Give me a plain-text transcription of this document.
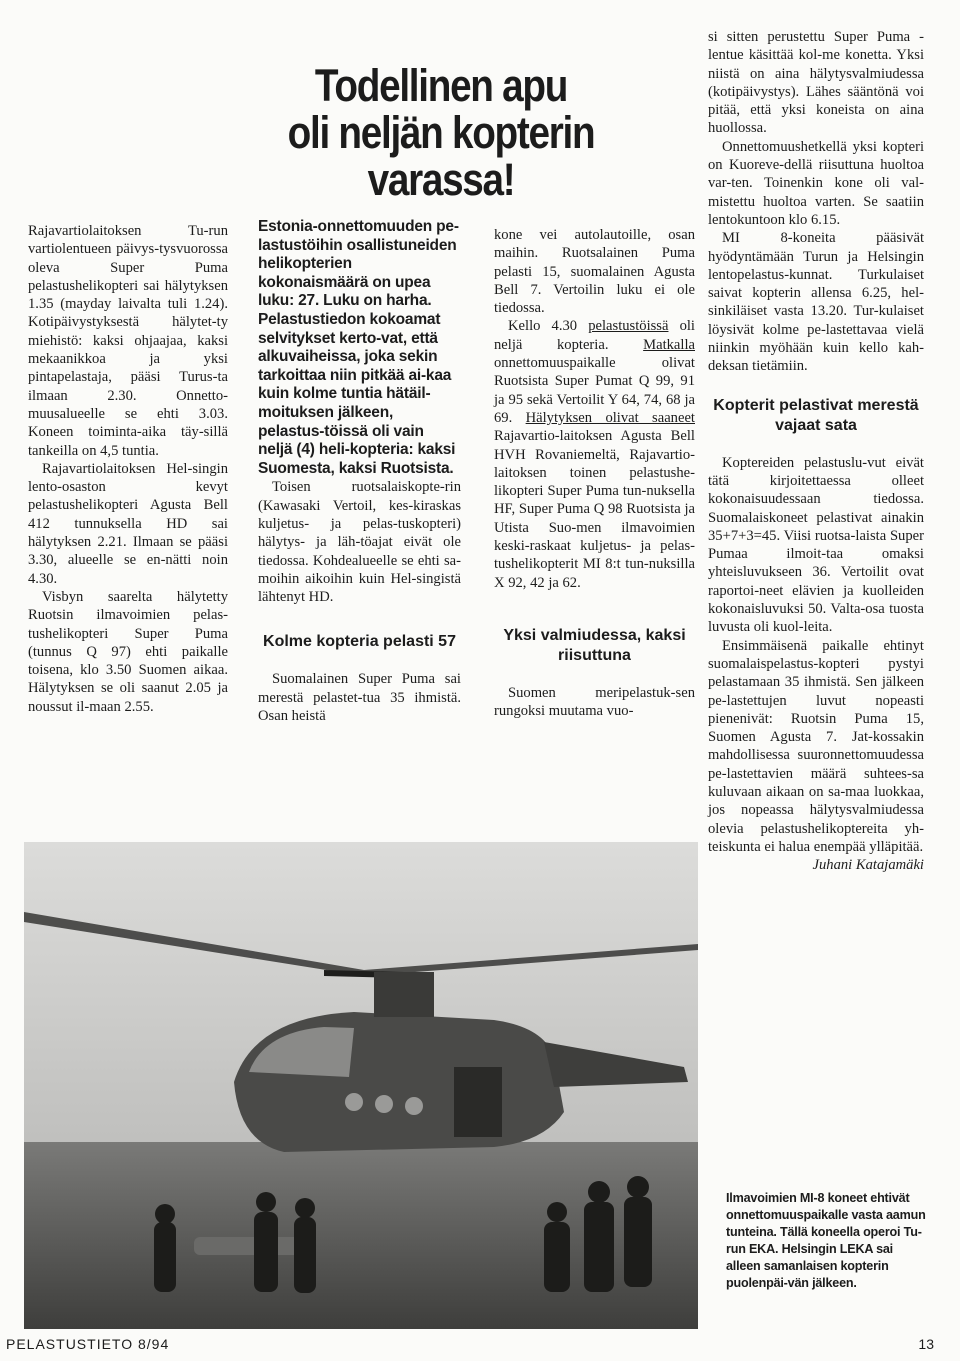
Todellinen apu
oli neljän kopterin varassa!

Rajavartiolaitoksen Tu-run vartiolentueen päivys-tysvuorossa oleva Super Puma pelastushelikopteri sai hälytyksen 1.35 (mayday laivalta tuli 1.24). Kotipäivystyksestä hälytet-ty miehistö: kaksi ohjaajaa, kaksi mekaanikkoa ja yksi pintapelastaja, pääsi Turus-ta ilmaan 2.30. Onnetto-muusalueelle se ehti 3.03. Koneen toiminta-aika täy-sillä tankeilla on 4,5 tuntia.

Rajavartiolaitoksen Hel-singin lento-osaston kevyt pelastushelikopteri Agusta Bell 412 tunnuksella HD sai hälytyksen 2.21. Ilmaan se pääsi 3.30, alueelle se en-nätti noin 4.30.

Visbyn saarelta hälytetty Ruotsin ilmavoimien pelas-tushelikopteri Super Puma (tunnus Q 97) ehti paikalle toisena, klo 3.50 Suomen aikaa. Hälytyksen se oli saanut 2.05 ja noussut il-maan 2.55.

Estonia-onnettomuuden pe-lastustöihin osallistuneiden helikopterien kokonaismäärä on upea luku: 27. Luku on harha. Pelastustiedon kokoamat selvitykset kerto-vat, että alkuvaiheissa, joka sekin tarkoittaa niin pitkää ai-kaa kuin kolme tuntia hätäil-moituksen jälkeen, pelastus-töissä oli vain neljä (4) heli-kopteria: kaksi Suomesta, kaksi Ruotsista.

Toisen ruotsalaiskopte-rin (Kawasaki Vertoil, kes-kiraskas kuljetus- ja pelas-tuskopteri) hälytys- ja läh-töajat eivät ole tiedossa. Kohdealueelle se ehti sa-moihin aikoihin kuin Hel-singistä lähtenyt HD.

Kolme kopteria pelasti 57

Suomalainen Super Puma sai merestä pelastet-tua 35 ihmistä. Osan heistä

kone vei autolautoille, osan maihin. Ruotsalainen Puma pelasti 15, suomalainen Agusta Bell 7. Vertoilin luku ei ole tiedossa.

Kello 4.30 pelastustöissä oli neljä kopteria. Matkalla onnettomuuspaikalle olivat Ruotsista Super Pumat Q 99, 91 ja 95 sekä Vertoilit Y 64, 74, 68 ja 69. Hälytyksen olivat saaneet Rajavartio-laitoksen Agusta Bell HVH Rovaniemeltä, Rajavartio-laitoksen toinen pelastushe-likopteri Super Puma tun-nuksella HF, Super Puma Q 98 Ruotsista ja Utista Suo-men ilmavoimien keski-raskaat kuljetus- ja pelas-tushelikopterit MI 8:t tun-nuksilla X 92, 42 ja 62.

Yksi valmiudessa, kaksi riisuttuna

Suomen meripelastuk-sen rungoksi muutama vuo-

si sitten perustettu Super Puma -lentue käsittää kol-me konetta. Yksi niistä on aina hälytysvalmiudessa (kotipäivystys). Lähes sääntönä voi pitää, että yksi koneista on aina huollossa.

Onnettomuushetkellä yksi kopteri on Kuoreve-dellä riisuttuna huoltoa var-ten. Toinenkin kone oli val-mistettu huoltoa varten. Se saatiin lentokuntoon klo 6.15.

MI 8-koneita pääsivät hyödyntämään Turun ja Helsingin lentopelastus-kunnat. Turkulaiset saivat kopterin allensa 6.25, hel-sinkiläiset vasta 13.20. Tur-kulaiset löysivät kolme pe-lastettavaa vielä niinkin myöhään kuin kello kah-deksan tietämiin.

Kopterit pelastivat merestä vajaat sata

Koptereiden pelastuslu-vut eivät tätä kirjoitettaessa olleet kokonaisuudessaan tiedossa. Suomalaiskoneet pelastivat ainakin 35+7+3=45. Viisi ruotsa-laista Super Pumaa ilmoit-taa omaksi yhteisluvukseen 36. Vertoilit ovat raportoi-neet elävien ja kuolleiden kokonaisluvuksi 50. Valta-osa tuosta luvusta oli kuol-leita.

Ensimmäisenä paikalle ehtinyt suomalaispelastus-kopteri pystyi pelastamaan 35 ihmistä. Sen jälkeen pe-lastettujen luvut nopeasti pienenivät: Ruotsin Puma 15, Suomen Agusta 7. Jat-kossakin mahdollisessa suuronnettomuudessa pe-lastettavien määrä suhtees-sa kuluvaan aikaan on sa-maa luokkaa, jos nopeassa hälytysvalmiudessa olevia pelastushelikoptereita yh-teiskunta ei halua enempää ylläpitää.

Juhani Katajamäki
Ilmavoimien MI-8 koneet ehtivät onnettomuuspaikalle vasta aamun tunteina. Tällä koneella operoi Tu-run EKA. Helsingin LEKA sai alleen samanlaisen kopterin puolenpäi-vän jälkeen.
PELASTUSTIETO 8/94	13
